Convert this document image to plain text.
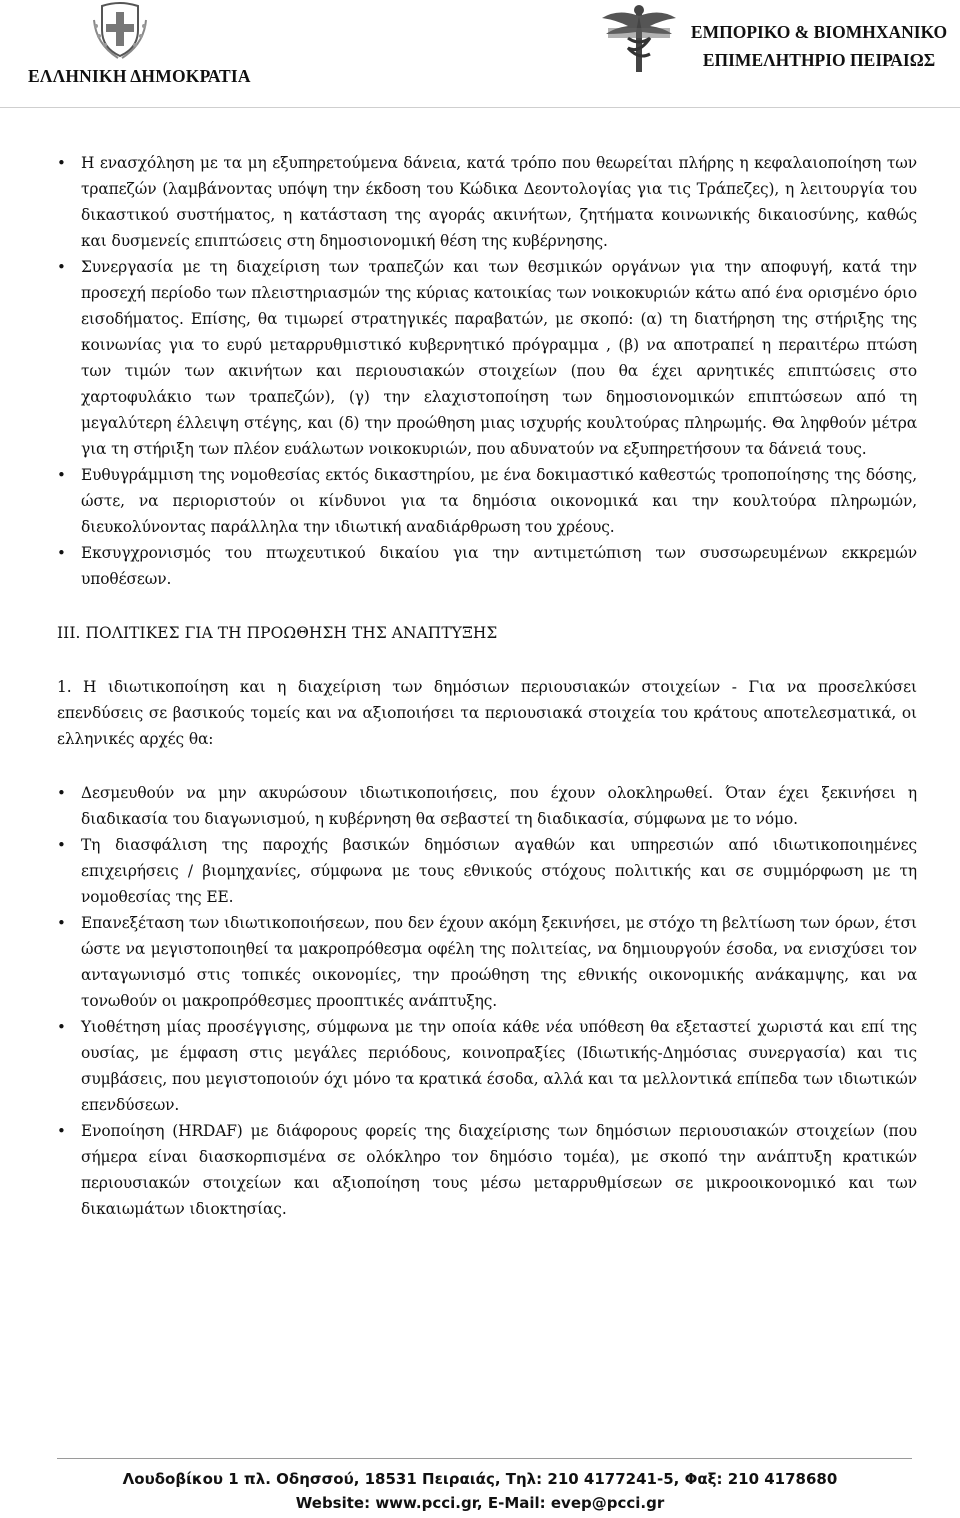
ΕΛΛΗΝΙΚΗ ΔΗΜΟΚΡΑΤΙΑ
ΕΜΠΟΡΙΚΟ & ΒΙΟΜΗΧΑΝΙΚΟ
ΕΠΙΜΕΛΗΤΗΡΙΟ ΠΕΙΡΑΙΩΣ

• Η ενασχόληση με τα μη εξυπηρετούμενα δάνεια, κατά τρόπο που θεωρείται πλήρης η κεφαλαιοποίηση των τραπεζών (λαμβάνοντας υπόψη την έκδοση του Κώδικα Δεοντολογίας για τις Τράπεζες), η λειτουργία του δικαστικού συστήματος, η κατάσταση της αγοράς ακινήτων, ζητήματα κοινωνικής δικαιοσύνης, καθώς και δυσμενείς επιπτώσεις στη δημοσιονομική θέση της κυβέρνησης.

• Συνεργασία με τη διαχείριση των τραπεζών και των θεσμικών οργάνων για την αποφυγή, κατά την προσεχή περίοδο των πλειστηριασμών της κύριας κατοικίας των νοικοκυριών κάτω από ένα ορισμένο όριο εισοδήματος. Επίσης, θα τιμωρεί στρατηγικές παραβατών, με σκοπό: (α) τη διατήρηση της στήριξης της κοινωνίας για το ευρύ μεταρρυθμιστικό κυβερνητικό πρόγραμμα , (β) να αποτραπεί η περαιτέρω πτώση των τιμών των ακινήτων και περιουσιακών στοιχείων (που θα έχει αρνητικές επιπτώσεις στο χαρτοφυλάκιο των τραπεζών), (γ) την ελαχιστοποίηση των δημοσιονομικών επιπτώσεων από τη μεγαλύτερη έλλειψη στέγης, και (δ) την προώθηση μιας ισχυρής κουλτούρας πληρωμής. Θα ληφθούν μέτρα για τη στήριξη των πλέον ευάλωτων νοικοκυριών, που αδυνατούν να εξυπηρετήσουν τα δάνειά τους.

• Ευθυγράμμιση της νομοθεσίας εκτός δικαστηρίου, με ένα δοκιμαστικό καθεστώς τροποποίησης της δόσης, ώστε, να περιοριστούν οι κίνδυνοι για τα δημόσια οικονομικά και την κουλτούρα πληρωμών, διευκολύνοντας παράλληλα την ιδιωτική αναδιάρθρωση του χρέους.

• Εκσυγχρονισμός του πτωχευτικού δικαίου για την αντιμετώπιση των συσσωρευμένων εκκρεμών υποθέσεων.

III. ΠΟΛΙΤΙΚΕΣ ΓΙΑ ΤΗ ΠΡΟΩΘΗΣΗ ΤΗΣ ΑΝΑΠΤΥΞΗΣ

1. Η ιδιωτικοποίηση και η διαχείριση των δημόσιων περιουσιακών στοιχείων - Για να προσελκύσει επενδύσεις σε βασικούς τομείς και να αξιοποιήσει τα περιουσιακά στοιχεία του κράτους αποτελεσματικά, οι ελληνικές αρχές θα:

• Δεσμευθούν να μην ακυρώσουν ιδιωτικοποιήσεις, που έχουν ολοκληρωθεί. Όταν έχει ξεκινήσει η διαδικασία του διαγωνισμού, η κυβέρνηση θα σεβαστεί τη διαδικασία, σύμφωνα με το νόμο.

• Τη διασφάλιση της παροχής βασικών δημόσιων αγαθών και υπηρεσιών από ιδιωτικοποιημένες επιχειρήσεις / βιομηχανίες, σύμφωνα με τους εθνικούς στόχους πολιτικής και σε συμμόρφωση με τη νομοθεσίας της ΕΕ.

• Επανεξέταση των ιδιωτικοποιήσεων, που δεν έχουν ακόμη ξεκινήσει, με στόχο τη βελτίωση των όρων, έτσι ώστε να μεγιστοποιηθεί τα μακροπρόθεσμα οφέλη της πολιτείας, να δημιουργούν έσοδα, να ενισχύσει τον ανταγωνισμό στις τοπικές οικονομίες, την προώθηση της εθνικής οικονομικής ανάκαμψης, και να τονωθούν οι μακροπρόθεσμες προοπτικές ανάπτυξης.

• Υιοθέτηση μίας προσέγγισης, σύμφωνα με την οποία κάθε νέα υπόθεση θα εξεταστεί χωριστά και επί της ουσίας, με έμφαση στις μεγάλες περιόδους, κοινοπραξίες (Ιδιωτικής-Δημόσιας συνεργασία) και τις συμβάσεις, που μεγιστοποιούν όχι μόνο τα κρατικά έσοδα, αλλά και τα μελλοντικά επίπεδα των ιδιωτικών επενδύσεων.

• Ενοποίηση (HRDAF) με διάφορους φορείς της διαχείρισης των δημόσιων περιουσιακών στοιχείων (που σήμερα είναι διασκορπισμένα σε ολόκληρο τον δημόσιο τομέα), με σκοπό την ανάπτυξη κρατικών περιουσιακών στοιχείων και αξιοποίηση τους μέσω μεταρρυθμίσεων σε μικροοικονομικό και των δικαιωμάτων ιδιοκτησίας.

Λουδοβίκου 1 πλ. Οδησσού, 18531 Πειραιάς, Τηλ: 210 4177241-5, Φαξ: 210 4178680
Website: www.pcci.gr, E-Mail: evep@pcci.gr
